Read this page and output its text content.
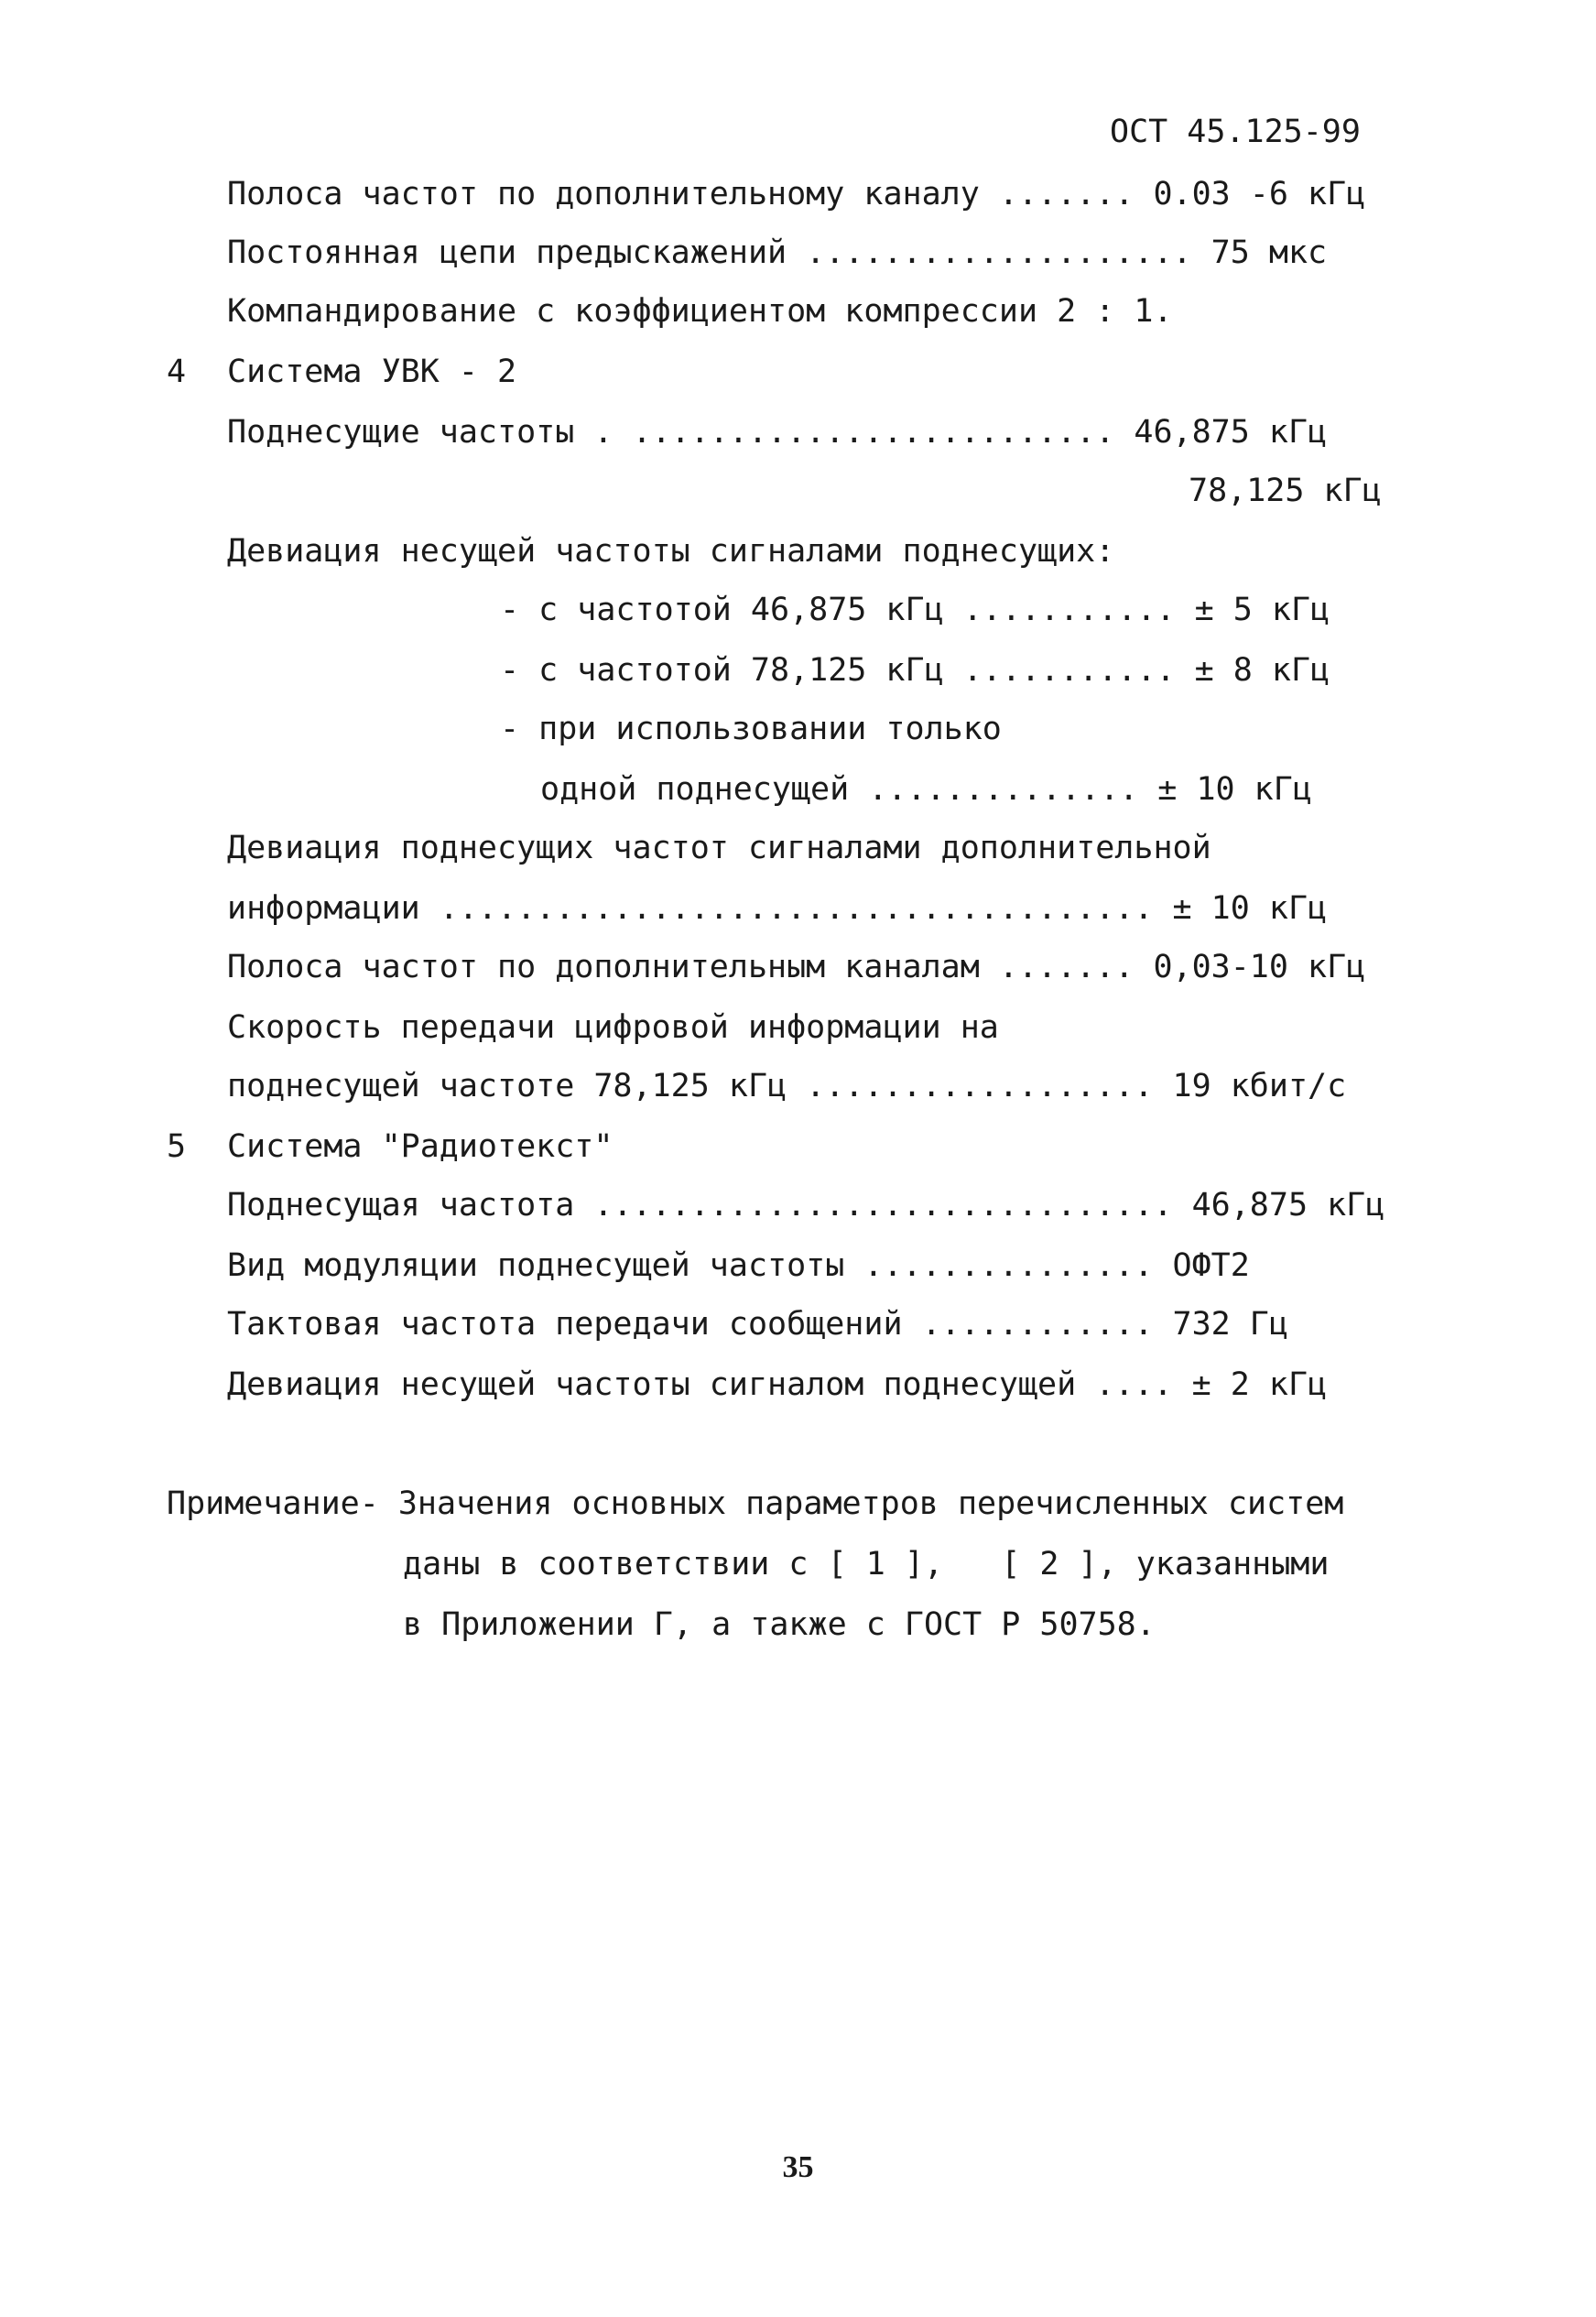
ОСТ 45.125-99
Полоса частот по дополнительному каналу ....... 0.03 -6 кГц
Постоянная цепи предыскажений .................... 75 мкс
Компандирование с коэффициентом компрессии 2 : 1.
4 Система УВК - 2
Поднесущие частоты . ......................... 46,875 кГц
78,125 кГц
Девиация несущей частоты сигналами поднесущих:
- с частотой 46,875 кГц ........... ± 5 кГц
- с частотой 78,125 кГц ........... ± 8 кГц
- при использовании только
одной поднесущей .............. ± 10 кГц
Девиация поднесущих частот сигналами дополнительной
информации ..................................... ± 10 кГц
Полоса частот по дополнительным каналам ....... 0,03-10 кГц
Скорость передачи цифровой информации на
поднесущей частоте 78,125 кГц .................. 19 кбит/с
5 Система "Радиотекст"
Поднесущая частота .............................. 46,875 кГц
Вид модуляции поднесущей частоты ............... ОФТ2
Тактовая частота передачи сообщений ............ 732 Гц
Девиация несущей частоты сигналом поднесущей .... ± 2 кГц
Примечание- Значения основных параметров перечисленных систем
даны в соответствии с [ 1 ],   [ 2 ], указанными
в Приложении Г, а также с ГОСТ Р 50758.
35
